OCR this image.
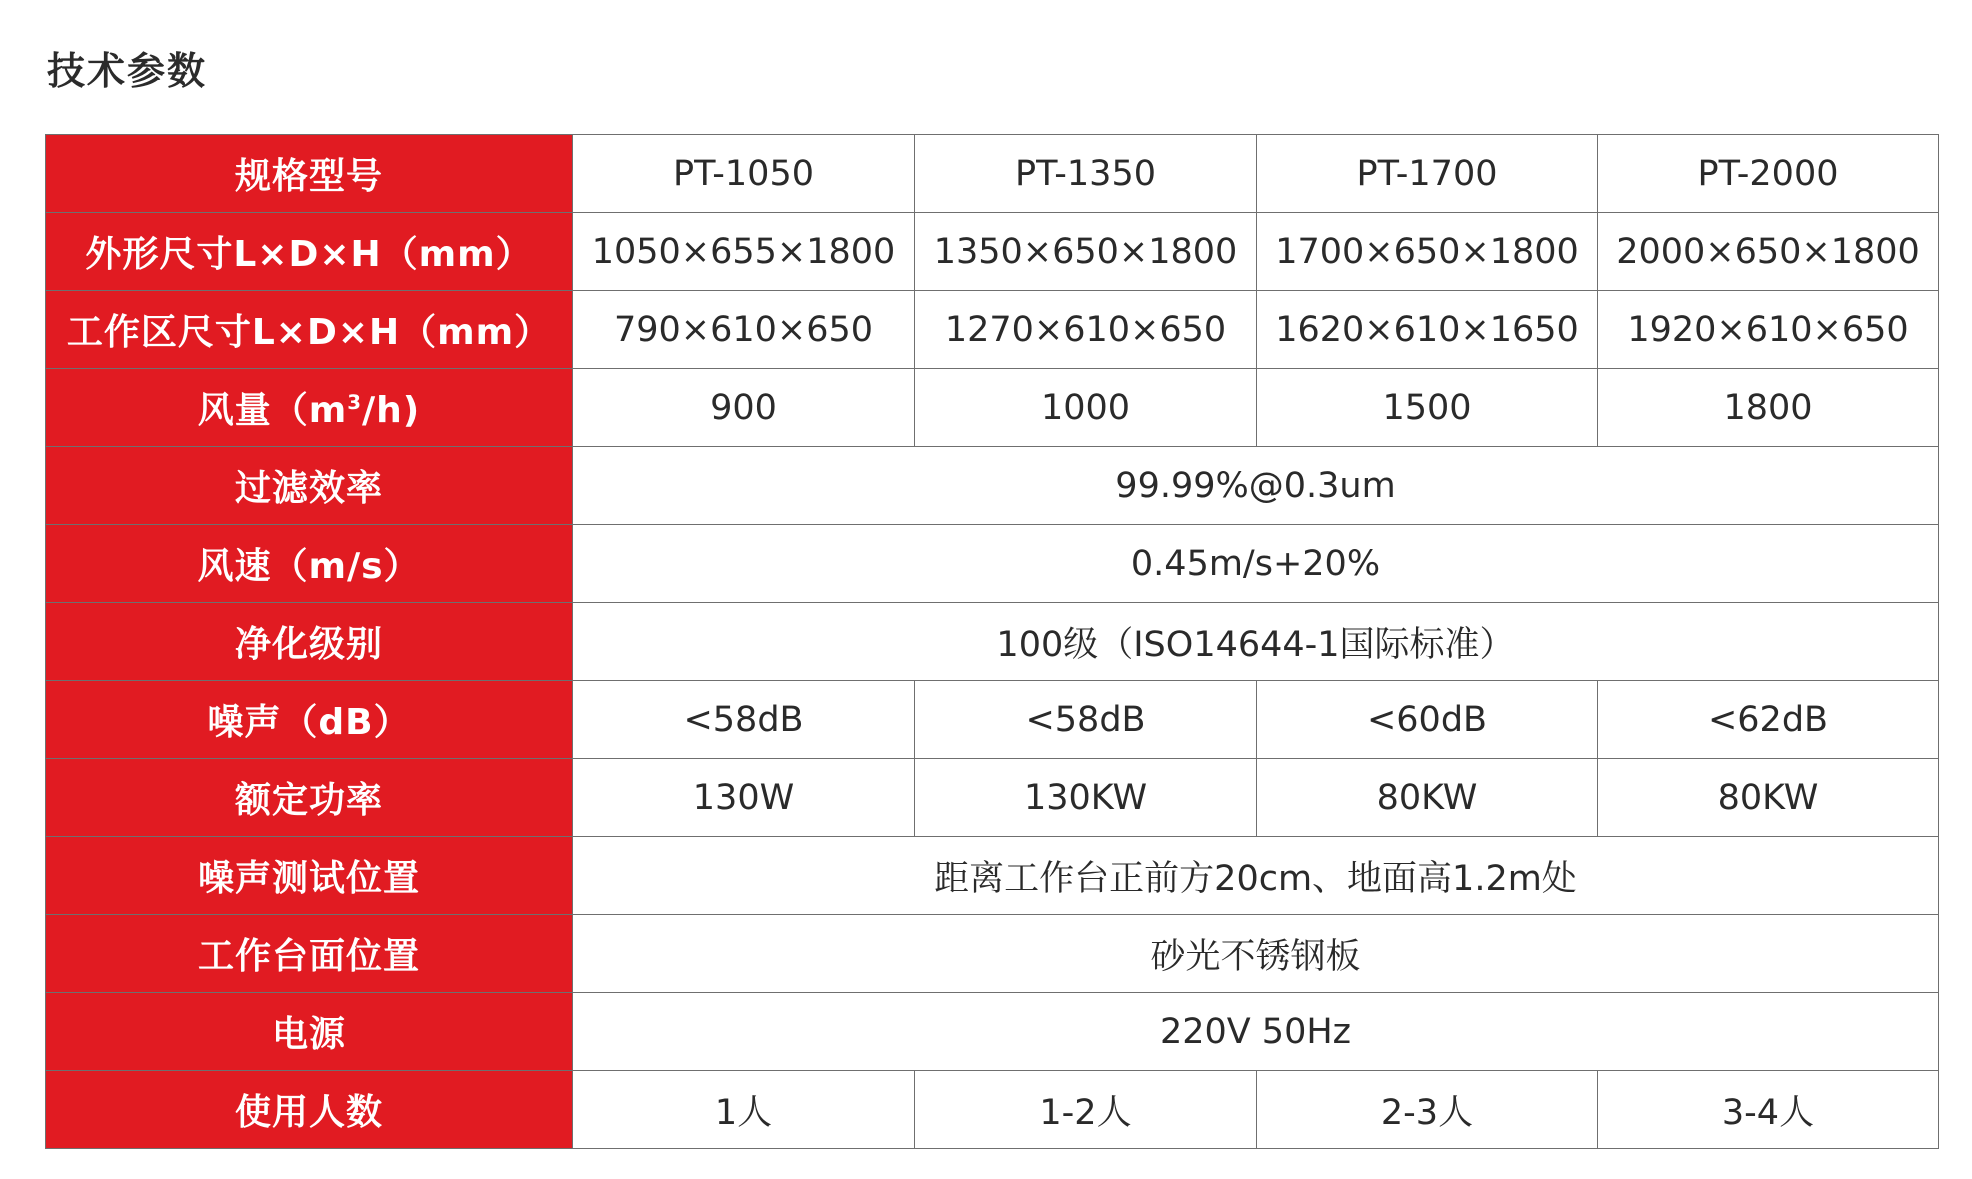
技术参数
规格型号	PT-1050	PT-1350	PT-1700	PT-2000
外形尺寸L×D×H（mm）	1050×655×1800	1350×650×1800	1700×650×1800	2000×650×1800
工作区尺寸L×D×H（mm）	790×610×650	1270×610×650	1620×610×1650	1920×610×650
风量$(m^3/h)$	900	1000	1500	1800
过滤效率	99.99%@0.3um			
风速（m/s）	0.45m/s+20%			
净化级别	100级（ISO14644-1国际标准）			
噪声（dB）	<58dB	<58dB	<60dB	<62dB
额定功率	130W	130KW	80KW	80KW
噪声测试位置	距离工作台正前方20cm、地面高1.2m处			
工作台面位置	砂光不锈钢板			
电源	220V 50Hz			
使用人数	1人	1-2人	2-3人	3-4人
